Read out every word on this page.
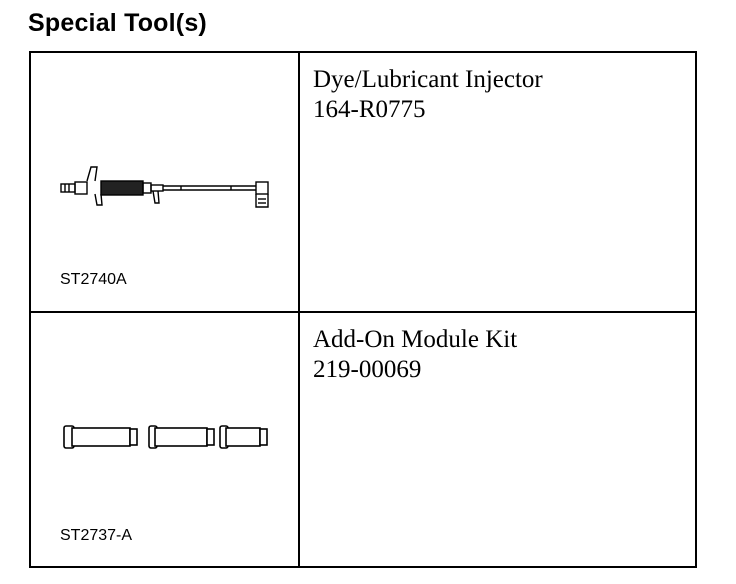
Special Tool(s)
ST2740A
Dye/Lubricant Injector
164-R0775
ST2737-A
Add-On Module Kit
219-00069
